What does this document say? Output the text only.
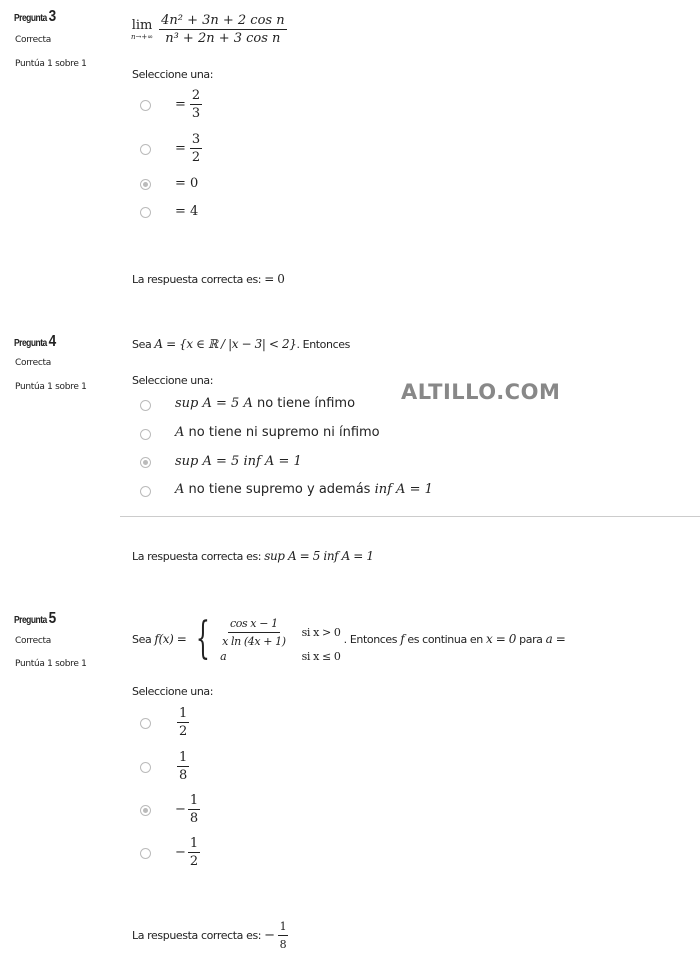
Pregunta 3
Correcta
Puntúa 1 sobre 1
lim
$n\to+\infty \frac{\text{4n² + 3n + 2 cos n}}{\text{n³ + 2n + 3 cos n}}$
Seleccione una:
= $\frac{2}{3}$
= $\frac{3}{2}$
= 0
= 4
La respuesta correcta es: = 0
Pregunta 4
Correcta
Puntúa 1 sobre 1
Sea A = {x ∈ ℝ / |x − 3| < 2}. Entonces
Seleccione una:	ALTILLO.COM
sup A = 5 A no tiene ínfimo
A no tiene ni supremo ni ínfimo
sup A = 5 inf A = 1
A no tiene supremo y además inf A = 1
La respuesta correcta es: sup A = 5 inf A = 1
Pregunta 5
Correcta
Puntúa 1 sobre 1
Sea
f(x) = { $\frac{\text{cos x − 1}}{\text{x ln (4x + 1)}}$ si x > 0
a	si x ≤ 0

. Entonces
f
es continua en
x = 0
para
a =
Seleccione una:
$\frac{1}{2}$
$\frac{1}{8}$
− $\frac{1}{8}$
− $\frac{1}{2}$
La respuesta correcta es: − $\frac{1}{8}$
